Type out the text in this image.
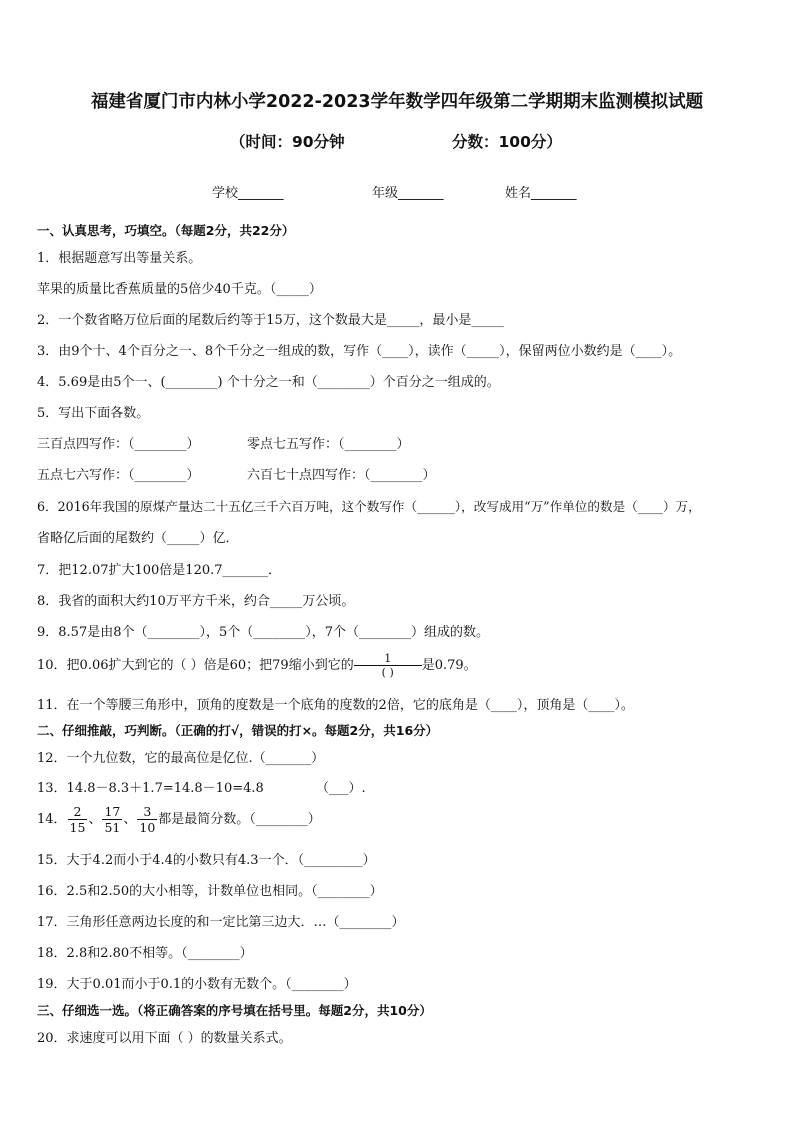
福建省厦门市内林小学2022-2023学年数学四年级第二学期期末监测模拟试题
（时间：90分钟	分数：100分）
学校_______	年级_______	姓名_______
一、认真思考，巧填空。（每题2分，共22分）
1．根据题意写出等量关系。
苹果的质量比香蕉质量的5倍少40千克。（_____）
2．一个数省略万位后面的尾数后约等于15万，这个数最大是_____，最小是_____
3．由9个十、4个百分之一、8个千分之一组成的数，写作（____），读作（_____），保留两位小数约是（____）。
4．5.69是由5个一、(________) 个十分之一和（________）个百分之一组成的。
5．写出下面各数。
三百点四写作：（________）	零点七五写作：（________）
五点七六写作：（________）	六百七十点四写作：（________）
6．2016年我国的原煤产量达二十五亿三千六百万吨，这个数写作（______），改写成用“万”作单位的数是（____）万，
省略亿后面的尾数约（_____）亿．
7．把12.07扩大100倍是120.7_______．
8．我省的面积大约10万平方千米，约合_____万公顷。
9．8.57是由8个（________），5个（________），7个（________）组成的数。
10．把0.06扩大到它的（ ）倍是60；把79缩小到它的 $\frac{1}{( )}$ 是0.79。
11．在一个等腰三角形中，顶角的度数是一个底角的度数的2倍，它的底角是（____），顶角是（____）。
二、仔细推敲，巧判断。（正确的打√，错误的打×。每题2分，共16分）
12．一个九位数，它的最高位是亿位.（_______）
13．14.8－8.3＋1.7=14.8－10=4.8	（___）.
14． $\frac{2}{15}$ 、 $\frac{17}{51}$ 、 $\frac{3}{10}$ 都是最简分数。（________）
15．大于4.2而小于4.4的小数只有4.3一个．（_________）
16．2.5和2.50的大小相等，计数单位也相同。（________）
17．三角形任意两边长度的和一定比第三边大．…（________）
18．2.8和2.80不相等。（________）
19．大于0.01而小于0.1的小数有无数个。（________）
三、仔细选一选。（将正确答案的序号填在括号里。每题2分，共10分）
20．求速度可以用下面（ ）的数量关系式。
